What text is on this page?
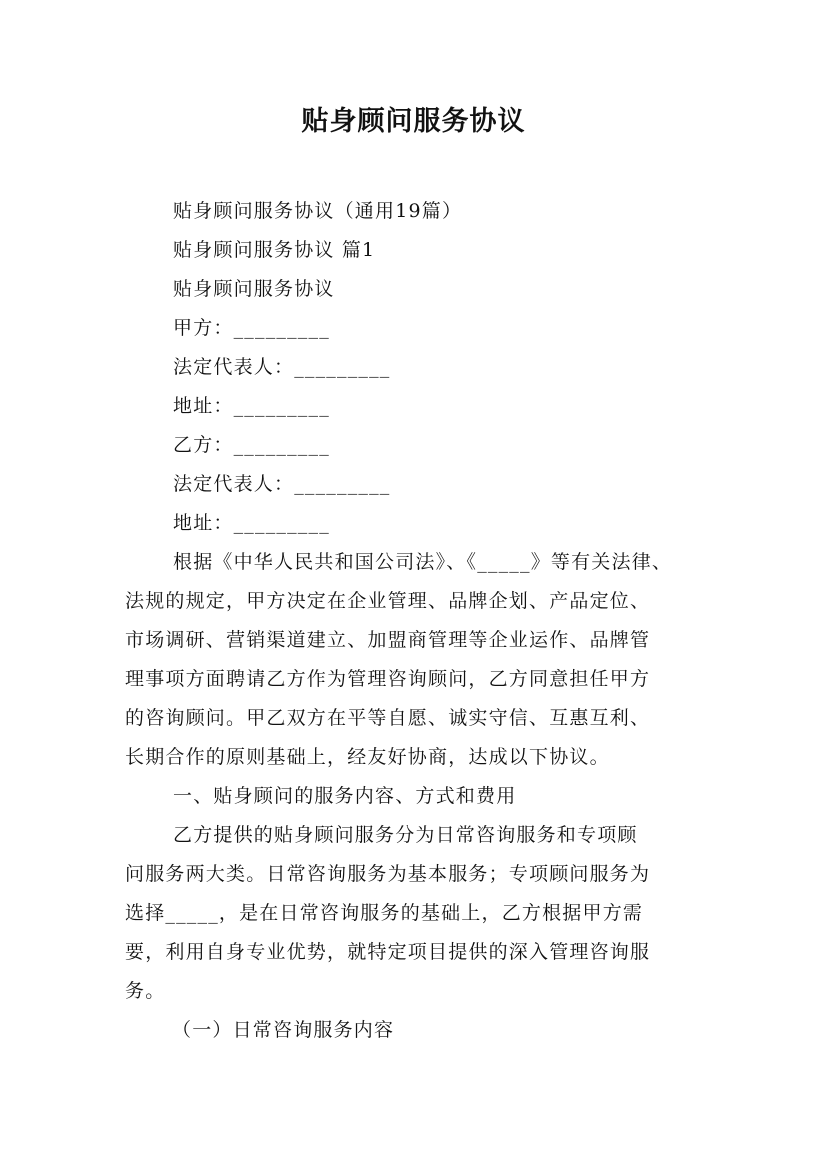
贴身顾问服务协议
贴身顾问服务协议（通用19篇）
贴身顾问服务协议 篇1
贴身顾问服务协议
甲方：_________
法定代表人：_________
地址：_________
乙方：_________
法定代表人：_________
地址：_________
根据《中华人民共和国公司法》、《_____》等有关法律、
法规的规定，甲方决定在企业管理、品牌企划、产品定位、
市场调研、营销渠道建立、加盟商管理等企业运作、品牌管
理事项方面聘请乙方作为管理咨询顾问，乙方同意担任甲方
的咨询顾问。甲乙双方在平等自愿、诚实守信、互惠互利、
长期合作的原则基础上，经友好协商，达成以下协议。
一、贴身顾问的服务内容、方式和费用
乙方提供的贴身顾问服务分为日常咨询服务和专项顾
问服务两大类。日常咨询服务为基本服务；专项顾问服务为
选择_____，是在日常咨询服务的基础上，乙方根据甲方需
要，利用自身专业优势，就特定项目提供的深入管理咨询服
务。
（一）日常咨询服务内容
